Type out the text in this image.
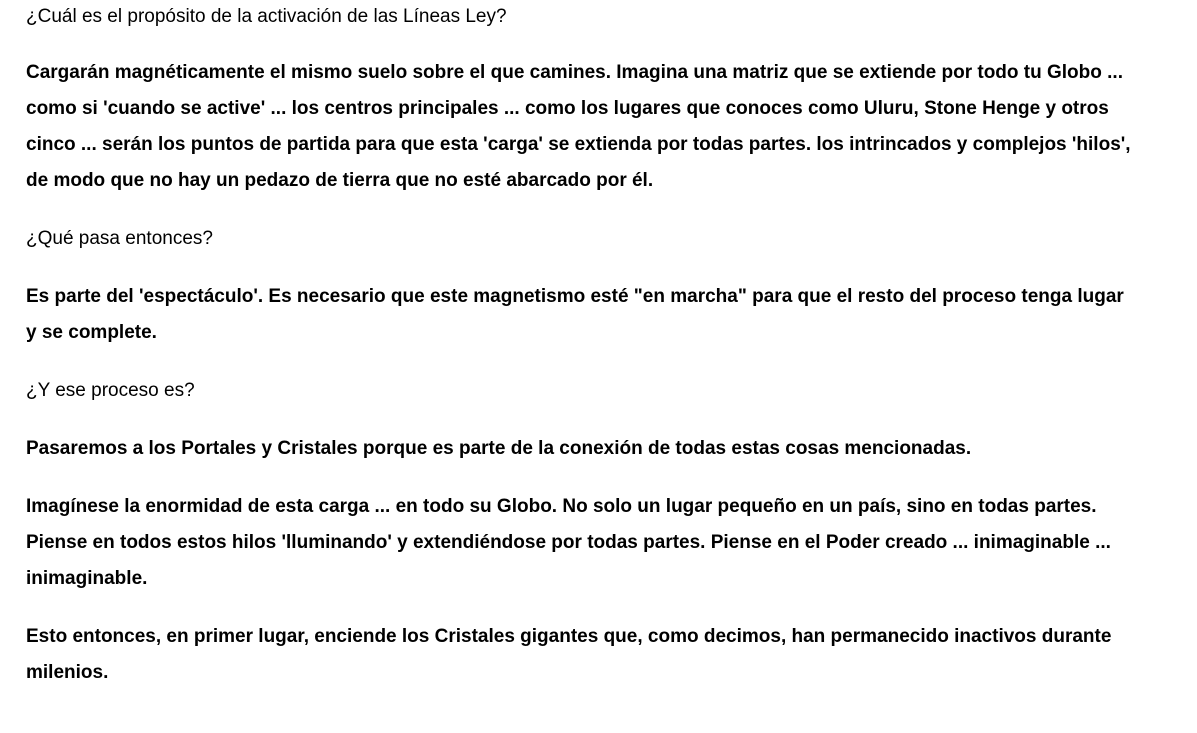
¿Cuál es el propósito de la activación de las Líneas Ley?

Cargarán magnéticamente el mismo suelo sobre el que camines. Imagina una matriz que se extiende por todo tu Globo ... como si 'cuando se active' ... los centros principales ... como los lugares que conoces como Uluru, Stone Henge y otros cinco ... serán los puntos de partida para que esta 'carga' se extienda por todas partes. los intrincados y complejos 'hilos', de modo que no hay un pedazo de tierra que no esté abarcado por él.

¿Qué pasa entonces?

Es parte del 'espectáculo'. Es necesario que este magnetismo esté "en marcha" para que el resto del proceso tenga lugar y se complete.

¿Y ese proceso es?

Pasaremos a los Portales y Cristales porque es parte de la conexión de todas estas cosas mencionadas.

Imagínese la enormidad de esta carga ... en todo su Globo. No solo un lugar pequeño en un país, sino en todas partes. Piense en todos estos hilos 'lluminando' y extendiéndose por todas partes. Piense en el Poder creado ... inimaginable ... inimaginable.

Esto entonces, en primer lugar, enciende los Cristales gigantes que, como decimos, han permanecido inactivos durante milenios.
